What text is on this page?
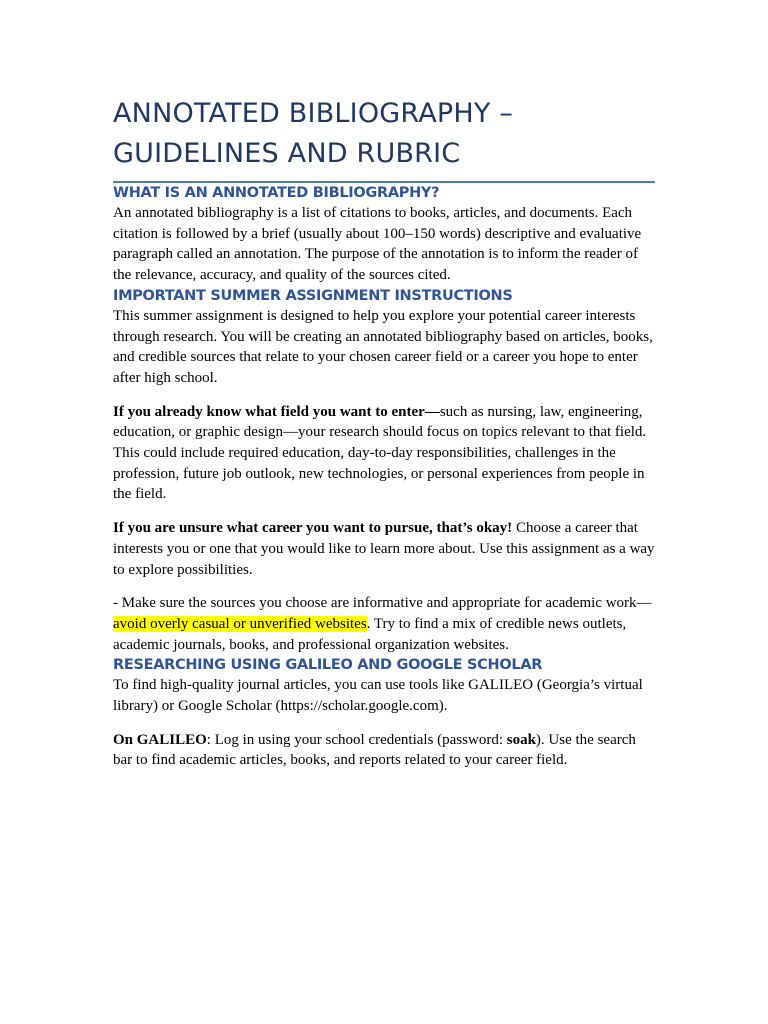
ANNOTATED BIBLIOGRAPHY –
GUIDELINES AND RUBRIC
WHAT IS AN ANNOTATED BIBLIOGRAPHY?

An annotated bibliography is a list of citations to books, articles, and documents. Each citation is followed by a brief (usually about 100–150 words) descriptive and evaluative paragraph called an annotation. The purpose of the annotation is to inform the reader of the relevance, accuracy, and quality of the sources cited.

IMPORTANT SUMMER ASSIGNMENT INSTRUCTIONS

This summer assignment is designed to help you explore your potential career interests through research. You will be creating an annotated bibliography based on articles, books, and credible sources that relate to your chosen career field or a career you hope to enter after high school.

If you already know what field you want to enter—such as nursing, law, engineering, education, or graphic design—your research should focus on topics relevant to that field. This could include required education, day-to-day responsibilities, challenges in the profession, future job outlook, new technologies, or personal experiences from people in the field.

If you are unsure what career you want to pursue, that’s okay! Choose a career that interests you or one that you would like to learn more about. Use this assignment as a way to explore possibilities.

- Make sure the sources you choose are informative and appropriate for academic work—avoid overly casual or unverified websites. Try to find a mix of credible news outlets, academic journals, books, and professional organization websites.

RESEARCHING USING GALILEO AND GOOGLE SCHOLAR

To find high-quality journal articles, you can use tools like GALILEO (Georgia’s virtual library) or Google Scholar (https://scholar.google.com).

On GALILEO: Log in using your school credentials (password: soak). Use the search bar to find academic articles, books, and reports related to your career field.
